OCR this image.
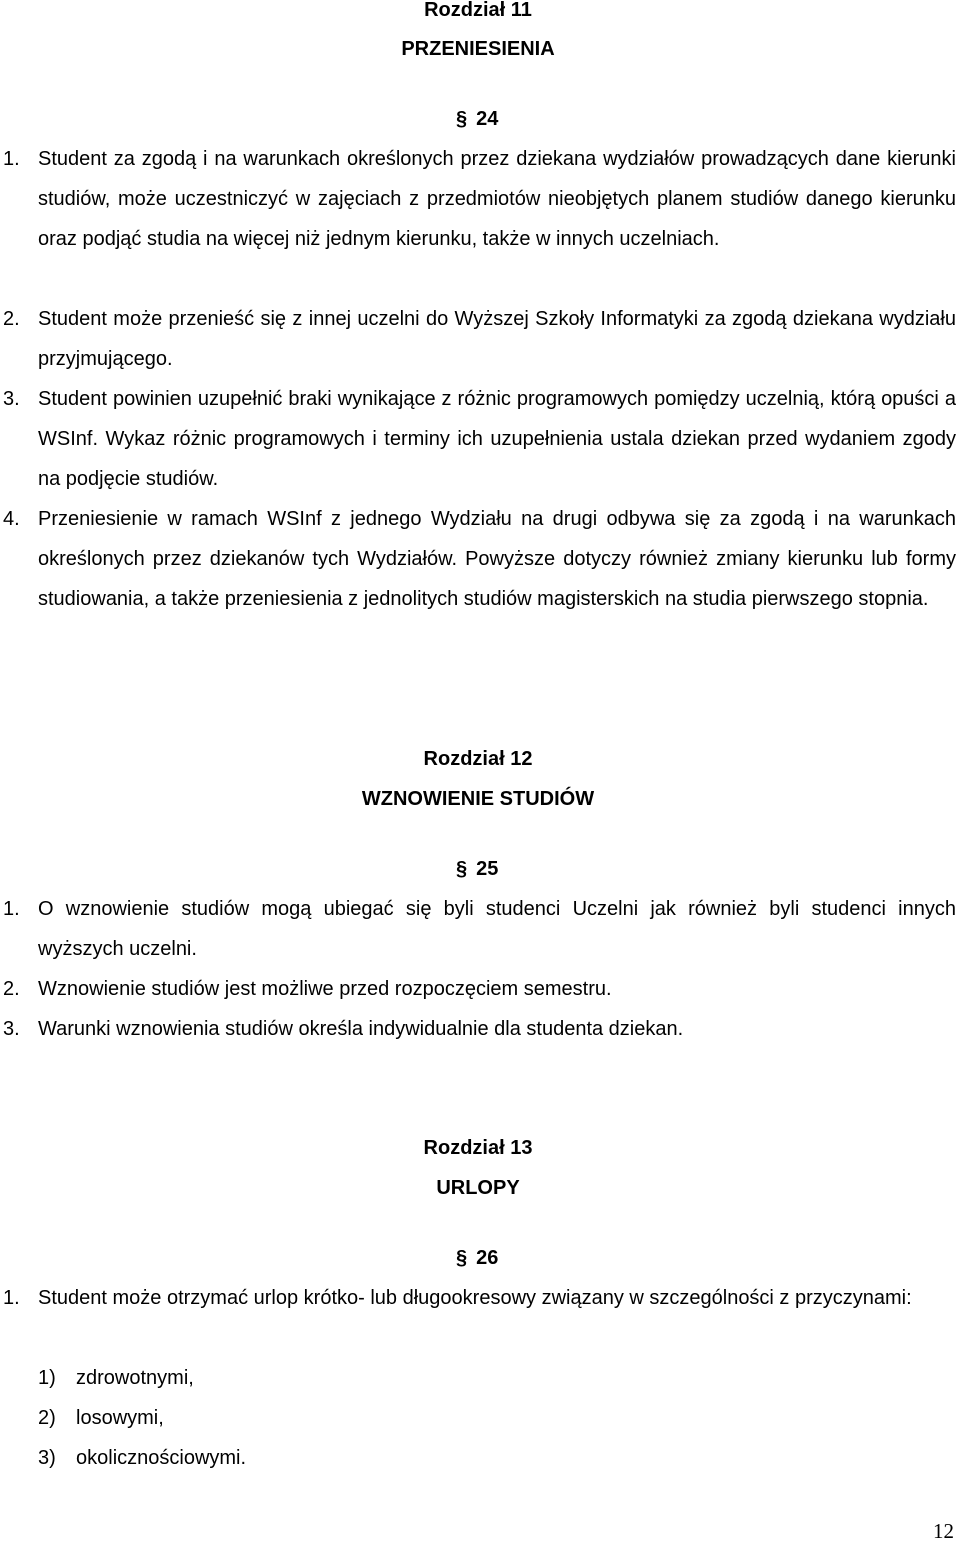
Rozdział 11
PRZENIESIENIA
§ 24
1. Student za zgodą i na warunkach określonych przez dziekana wydziałów prowadzących dane kierunki studiów, może uczestniczyć w zajęciach z przedmiotów nieobjętych planem studiów danego kierunku oraz podjąć studia na więcej niż jednym kierunku, także w innych uczelniach.
2. Student może przenieść się z innej uczelni do Wyższej Szkoły Informatyki za zgodą dziekana wydziału przyjmującego.
3. Student powinien uzupełnić braki wynikające z różnic programowych pomiędzy uczelnią, którą opuści a WSInf. Wykaz różnic programowych i terminy ich uzupełnienia ustala dziekan przed wydaniem zgody na podjęcie studiów.
4. Przeniesienie w ramach WSInf z jednego Wydziału na drugi odbywa się za zgodą i na warunkach określonych przez dziekanów tych Wydziałów. Powyższe dotyczy również zmiany kierunku lub formy studiowania, a także przeniesienia z jednolitych studiów magisterskich na studia pierwszego stopnia.
Rozdział 12
WZNOWIENIE STUDIÓW
§ 25
1. O wznowienie studiów mogą ubiegać się byli studenci Uczelni jak również byli studenci innych wyższych uczelni.
2. Wznowienie studiów jest możliwe przed rozpoczęciem semestru.
3. Warunki wznowienia studiów określa indywidualnie dla studenta dziekan.
Rozdział 13
URLOPY
§ 26
1. Student może otrzymać urlop krótko- lub długookresowy związany w szczególności z przyczynami:
1) zdrowotnymi,
2) losowymi,
3) okolicznościowymi.
12
